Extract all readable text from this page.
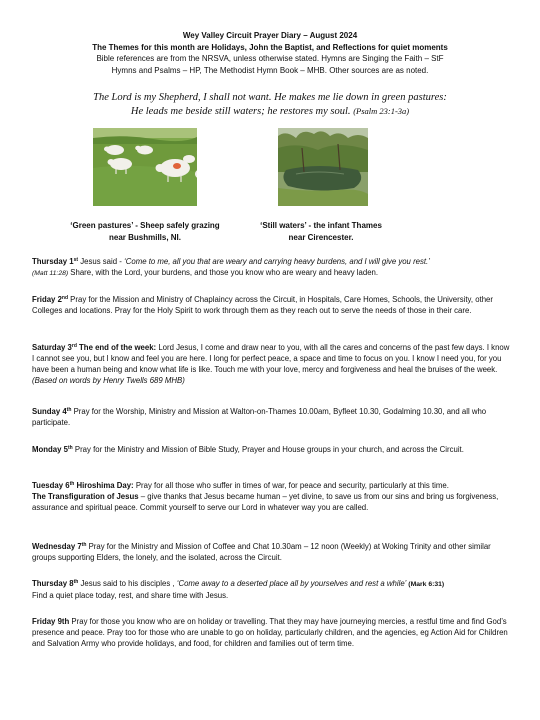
Wey Valley Circuit Prayer Diary – August 2024
The Themes for this month are Holidays, John the Baptist, and Reflections for quiet moments
Bible references are from the NRSVA, unless otherwise stated. Hymns are Singing the Faith – StF
Hymns and Psalms – HP, The Methodist Hymn Book – MHB. Other sources are as noted.
The Lord is my Shepherd, I shall not want. He makes me lie down in green pastures:
He leads me beside still waters; he restores my soul. (Psalm 23:1-3a)
‘Green pastures’ - Sheep safely grazing
near Bushmills, NI.
‘Still waters’ - the infant Thames
near Cirencester.
Thursday 1st Jesus said - ‘Come to me, all you that are weary and carrying heavy burdens, and I will give you rest.’
(Matt 11:28) Share, with the Lord, your burdens, and those you know who are weary and heavy laden.
Friday 2nd Pray for the Mission and Ministry of Chaplaincy across the Circuit, in Hospitals, Care Homes, Schools, the University, other Colleges and locations. Pray for the Holy Spirit to work through them as they reach out to serve the needs of those in their care.
Saturday 3rd The end of the week: Lord Jesus, I come and draw near to you, with all the cares and concerns of the past few days. I know I cannot see you, but I know and feel you are here. I long for perfect peace, a space and time to focus on you. I know I need you, for you have been a human being and know what life is like. Touch me with your love, mercy and forgiveness and heal the bruises of the week. (Based on words by Henry Twells 689 MHB)
Sunday 4th Pray for the Worship, Ministry and Mission at Walton-on-Thames 10.00am, Byfleet 10.30, Godalming 10.30, and all who participate.
Monday 5th Pray for the Ministry and Mission of Bible Study, Prayer and House groups in your church, and across the Circuit.
Tuesday 6th Hiroshima Day: Pray for all those who suffer in times of war, for peace and security, particularly at this time.
The Transfiguration of Jesus – give thanks that Jesus became human – yet divine, to save us from our sins and bring us forgiveness, assurance and spiritual peace. Commit yourself to serve our Lord in whatever way you are called.
Wednesday 7th Pray for the Ministry and Mission of Coffee and Chat 10.30am – 12 noon (Weekly) at Woking Trinity and other similar groups supporting Elders, the lonely, and the isolated, across the Circuit.
Thursday 8th Jesus said to his disciples , ‘Come away to a deserted place all by yourselves and rest a while’ (Mark 6:31)
Find a quiet place today, rest, and share time with Jesus.
Friday 9th Pray for those you know who are on holiday or travelling. That they may have journeying mercies, a restful time and find God’s presence and peace. Pray too for those who are unable to go on holiday, particularly children, and the agencies, eg Action Aid for Children and Salvation Army who provide holidays, and food, for children and families out of term time.
